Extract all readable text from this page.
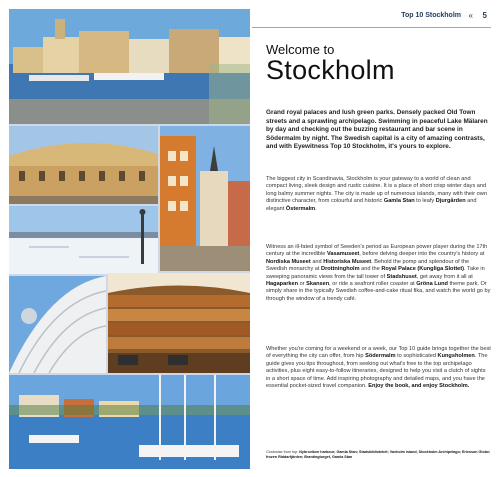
Top 10 Stockholm « 5
Welcome to
Stockholm
Grand royal palaces and lush green parks. Densely packed Old Town streets and a sprawling archipelago. Swimming in peaceful Lake Mälaren by day and checking out the buzzing restaurant and bar scene in Södermalm by night. The Swedish capital is a city of amazing contrasts, and with Eyewitness Top 10 Stockholm, it's yours to explore.
The biggest city in Scandinavia, Stockholm is your gateway to a world of clean and compact living, sleek design and rustic cuisine. It is a place of short crisp winter days and long balmy summer nights. The city is made up of numerous islands, many with their own distinctive character, from colourful and historic Gamla Stan to leafy Djurgården and elegant Östermalm.
Witness an ill-fated symbol of Sweden's period as European power player during the 17th century at the incredible Vasamuseet, before delving deeper into the country's history at Nordiska Museet and Historiska Museet. Behold the pomp and splendour of the Swedish monarchy at Drottningholm and the Royal Palace (Kungliga Slottet). Take in sweeping panoramic views from the tall tower of Stadshuset, get away from it all at Hagaparken or Skansen, or ride a seafront roller coaster at Gröna Lund theme park. Or simply share in the typically Swedish coffee-and-cake ritual fika, and watch the world go by through the window of a trendy café.
Whether you're coming for a weekend or a week, our Top 10 guide brings together the best of everything the city can offer, from hip Södermalm to sophisticated Kungsholmen. The guide gives you tips throughout, from seeking out what's free to the top archipelago activities, plus eight easy-to-follow itineraries, designed to help you visit a clutch of sights in a short space of time. Add inspiring photography and detailed maps, and you have the essential pocket-sized travel companion. Enjoy the book, and enjoy Stockholm.
Clockwise from top: Nybroviken harbour; Gamla Stan; Stadsbiblioteket; Vaxholm island, Stockholm Archipelago; Ericsson Globe; frozen Riddarfjärden; Brantingtorget, Gamla Stan
